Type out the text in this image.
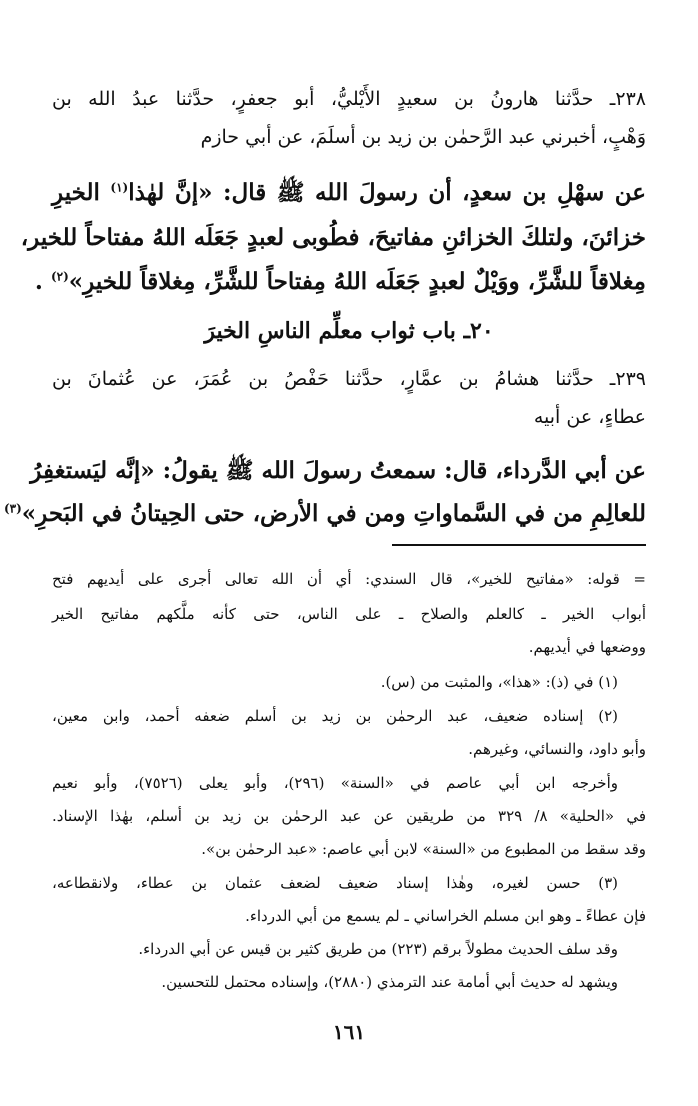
٢٣٨ـ حدَّثنا هارونُ بن سعيدٍ الأَيْليُّ، أبو جعفرٍ، حدَّثنا عبدُ الله بن
وَهْبٍ، أخبرني عبد الرَّحمٰن بن زيد بن أسلَمَ، عن أبي حازم
عن سهْلِ بن سعدٍ، أن رسولَ الله ﷺ قال: «إنَّ لهٰذا$^{(١)}$ الخيرِ
خزائنَ، ولتلكَ الخزائنِ مفاتيحَ، فطُوبى لعبدٍ جَعَلَه اللهُ مفتاحاً للخير،
مِغلاقاً للشَّرِّ، ووَيْلٌ لعبدٍ جَعَلَه اللهُ مِفتاحاً للشَّرِّ، مِغلاقاً للخيرِ»$^{(٢)}$ .
٢٠ـ باب ثواب معلِّم الناسِ الخيرَ
٢٣٩ـ حدَّثنا هشامُ بن عمَّارٍ، حدَّثنا حَفْصُ بن عُمَرَ، عن عُثمانَ بن
عطاءٍ، عن أبيه
عن أبي الدَّرداء، قال: سمعتُ رسولَ الله ﷺ يقولُ: «إنَّه ليَستغفِرُ
للعالِمِ من في السَّماواتِ ومن في الأرض، حتى الحِيتانُ في البَحرِ»$^{(٣)}$
= قوله: «مفاتيح للخير»، قال السندي: أي أن الله تعالى أجرى على أيديهم فتح
أبواب الخير ـ كالعلم والصلاح ـ على الناس، حتى كأنه ملَّكهم مفاتيح الخير
ووضعها في أيديهم.
(١) في (ذ): «هذا»، والمثبت من (س).
(٢) إسناده ضعيف، عبد الرحمٰن بن زيد بن أسلم ضعفه أحمد، وابن معين،
وأبو داود، والنسائي، وغيرهم.
وأخرجه ابن أبي عاصم في «السنة» (٢٩٦)، وأبو يعلى (٧٥٢٦)، وأبو نعيم
في «الحلية» ٨/ ٣٢٩ من طريقين عن عبد الرحمٰن بن زيد بن أسلم، بهٰذا الإسناد.
وقد سقط من المطبوع من «السنة» لابن أبي عاصم: «عبد الرحمٰن بن».
(٣) حسن لغيره، وهٰذا إسناد ضعيف لضعف عثمان بن عطاء، ولانقطاعه،
فإن عطاءً ـ وهو ابن مسلم الخراساني ـ لم يسمع من أبي الدرداء.
وقد سلف الحديث مطولاً برقم (٢٢٣) من طريق كثير بن قيس عن أبي الدرداء.
ويشهد له حديث أبي أمامة عند الترمذي (٢٨٨٠)، وإسناده محتمل للتحسين.
١٦١
